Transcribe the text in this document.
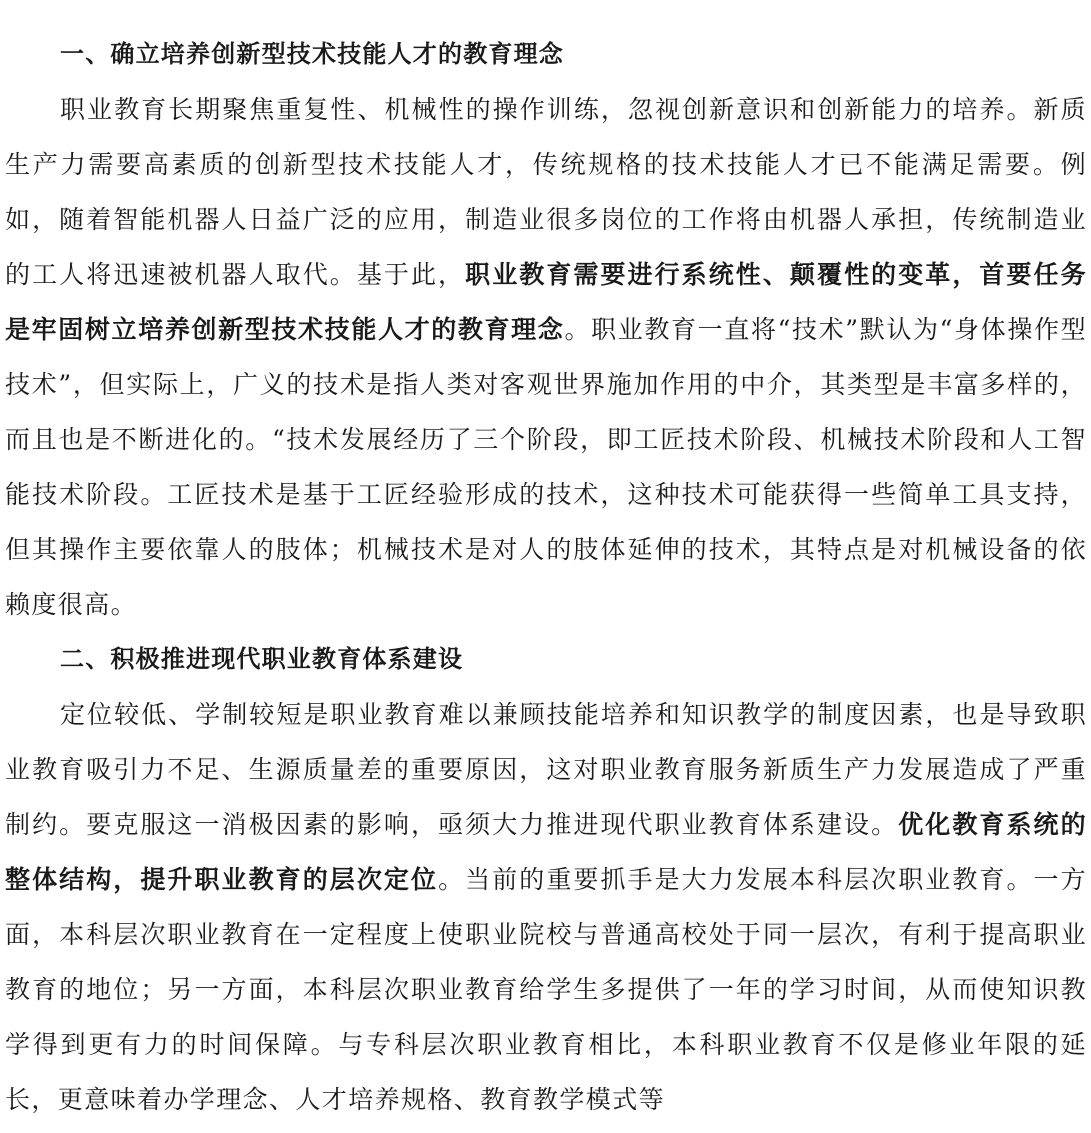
一、确立培养创新型技术技能人才的教育理念

职业教育长期聚焦重复性、机械性的操作训练，忽视创新意识和创新能力的培养。新质生产力需要高素质的创新型技术技能人才，传统规格的技术技能人才已不能满足需要。例如，随着智能机器人日益广泛的应用，制造业很多岗位的工作将由机器人承担，传统制造业的工人将迅速被机器人取代。基于此，职业教育需要进行系统性、颠覆性的变革，首要任务是牢固树立培养创新型技术技能人才的教育理念。职业教育一直将“技术”默认为“身体操作型技术”，但实际上，广义的技术是指人类对客观世界施加作用的中介，其类型是丰富多样的，而且也是不断进化的。“技术发展经历了三个阶段，即工匠技术阶段、机械技术阶段和人工智能技术阶段。工匠技术是基于工匠经验形成的技术，这种技术可能获得一些简单工具支持，但其操作主要依靠人的肢体；机械技术是对人的肢体延伸的技术，其特点是对机械设备的依赖度很高。

二、积极推进现代职业教育体系建设

定位较低、学制较短是职业教育难以兼顾技能培养和知识教学的制度因素，也是导致职业教育吸引力不足、生源质量差的重要原因，这对职业教育服务新质生产力发展造成了严重制约。要克服这一消极因素的影响，亟须大力推进现代职业教育体系建设。优化教育系统的整体结构，提升职业教育的层次定位。当前的重要抓手是大力发展本科层次职业教育。一方面，本科层次职业教育在一定程度上使职业院校与普通高校处于同一层次，有利于提高职业教育的地位；另一方面，本科层次职业教育给学生多提供了一年的学习时间，从而使知识教学得到更有力的时间保障。与专科层次职业教育相比，本科职业教育不仅是修业年限的延长，更意味着办学理念、人才培养规格、教育教学模式等
